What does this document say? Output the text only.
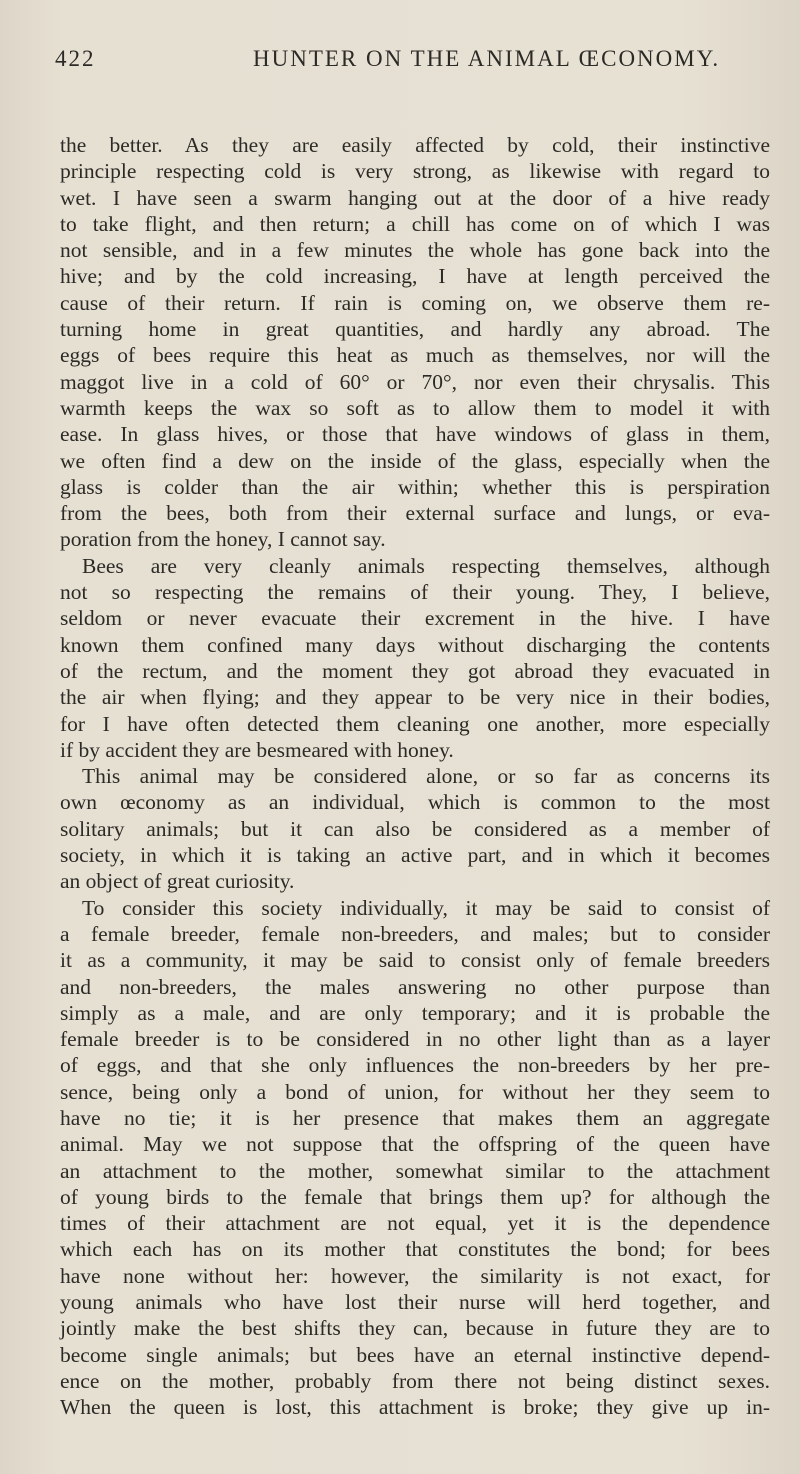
422	HUNTER ON THE ANIMAL ŒCONOMY.
the better. As they are easily affected by cold, their instinctive
principle respecting cold is very strong, as likewise with regard to
wet. I have seen a swarm hanging out at the door of a hive ready
to take flight, and then return; a chill has come on of which I was
not sensible, and in a few minutes the whole has gone back into the
hive; and by the cold increasing, I have at length perceived the
cause of their return. If rain is coming on, we observe them re-
turning home in great quantities, and hardly any abroad. The
eggs of bees require this heat as much as themselves, nor will the
maggot live in a cold of 60° or 70°, nor even their chrysalis. This
warmth keeps the wax so soft as to allow them to model it with
ease. In glass hives, or those that have windows of glass in them,
we often find a dew on the inside of the glass, especially when the
glass is colder than the air within; whether this is perspiration
from the bees, both from their external surface and lungs, or eva-
poration from the honey, I cannot say.
Bees are very cleanly animals respecting themselves, although
not so respecting the remains of their young. They, I believe,
seldom or never evacuate their excrement in the hive. I have
known them confined many days without discharging the contents
of the rectum, and the moment they got abroad they evacuated in
the air when flying; and they appear to be very nice in their bodies,
for I have often detected them cleaning one another, more especially
if by accident they are besmeared with honey.
This animal may be considered alone, or so far as concerns its
own œconomy as an individual, which is common to the most
solitary animals; but it can also be considered as a member of
society, in which it is taking an active part, and in which it becomes
an object of great curiosity.
To consider this society individually, it may be said to consist of
a female breeder, female non-breeders, and males; but to consider
it as a community, it may be said to consist only of female breeders
and non-breeders, the males answering no other purpose than
simply as a male, and are only temporary; and it is probable the
female breeder is to be considered in no other light than as a layer
of eggs, and that she only influences the non-breeders by her pre-
sence, being only a bond of union, for without her they seem to
have no tie; it is her presence that makes them an aggregate
animal. May we not suppose that the offspring of the queen have
an attachment to the mother, somewhat similar to the attachment
of young birds to the female that brings them up? for although the
times of their attachment are not equal, yet it is the dependence
which each has on its mother that constitutes the bond; for bees
have none without her: however, the similarity is not exact, for
young animals who have lost their nurse will herd together, and
jointly make the best shifts they can, because in future they are to
become single animals; but bees have an eternal instinctive depend-
ence on the mother, probably from there not being distinct sexes.
When the queen is lost, this attachment is broke; they give up in-
